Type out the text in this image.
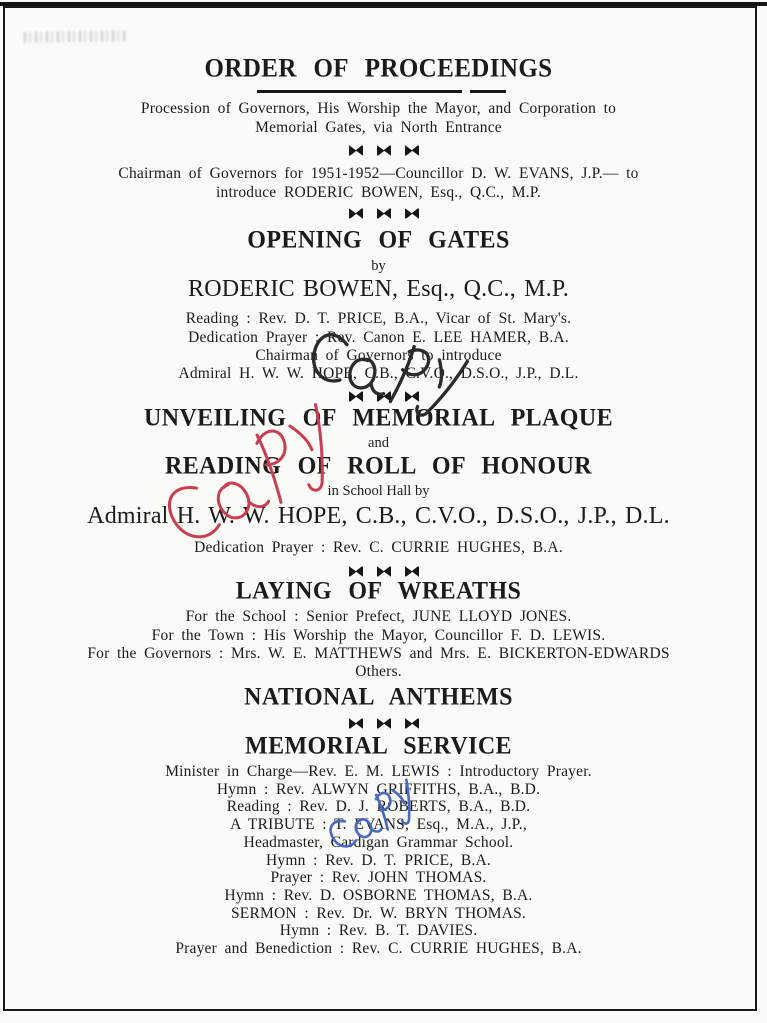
ORDER OF PROCEEDINGS
Procession of Governors, His Worship the Mayor, and Corporation to
Memorial Gates, via North Entrance

Chairman of Governors for 1951-1952—Councillor D. W. EVANS, J.P.— to
introduce RODERIC BOWEN, Esq., Q.C., M.P.

OPENING OF GATES
by
RODERIC BOWEN, Esq., Q.C., M.P.
Reading : Rev. D. T. PRICE, B.A., Vicar of St. Mary's.
Dedication Prayer : Rev. Canon E. LEE HAMER, B.A.
Chairman of Governors to introduce
Admiral H. W. W. HOPE, C.B., C.V.O., D.S.O., J.P., D.L.

UNVEILING OF MEMORIAL PLAQUE
and
READING OF ROLL OF HONOUR
in School Hall by
Admiral H. W. W. HOPE, C.B., C.V.O., D.S.O., J.P., D.L.
Dedication Prayer : Rev. C. CURRIE HUGHES, B.A.

LAYING OF WREATHS
For the School : Senior Prefect, JUNE LLOYD JONES.
For the Town : His Worship the Mayor, Councillor F. D. LEWIS.
For the Governors : Mrs. W. E. MATTHEWS and Mrs. E. BICKERTON-EDWARDS
Others.
NATIONAL ANTHEMS

MEMORIAL SERVICE
Minister in Charge—Rev. E. M. LEWIS : Introductory Prayer.
Hymn : Rev. ALWYN GRIFFITHS, B.A., B.D.
Reading : Rev. D. J. ROBERTS, B.A., B.D.
A TRIBUTE : T. EVANS, Esq., M.A., J.P.,
Headmaster, Cardigan Grammar School.
Hymn : Rev. D. T. PRICE, B.A.
Prayer : Rev. JOHN THOMAS.
Hymn : Rev. D. OSBORNE THOMAS, B.A.
SERMON : Rev. Dr. W. BRYN THOMAS.
Hymn : Rev. B. T. DAVIES.
Prayer and Benediction : Rev. C. CURRIE HUGHES, B.A.
